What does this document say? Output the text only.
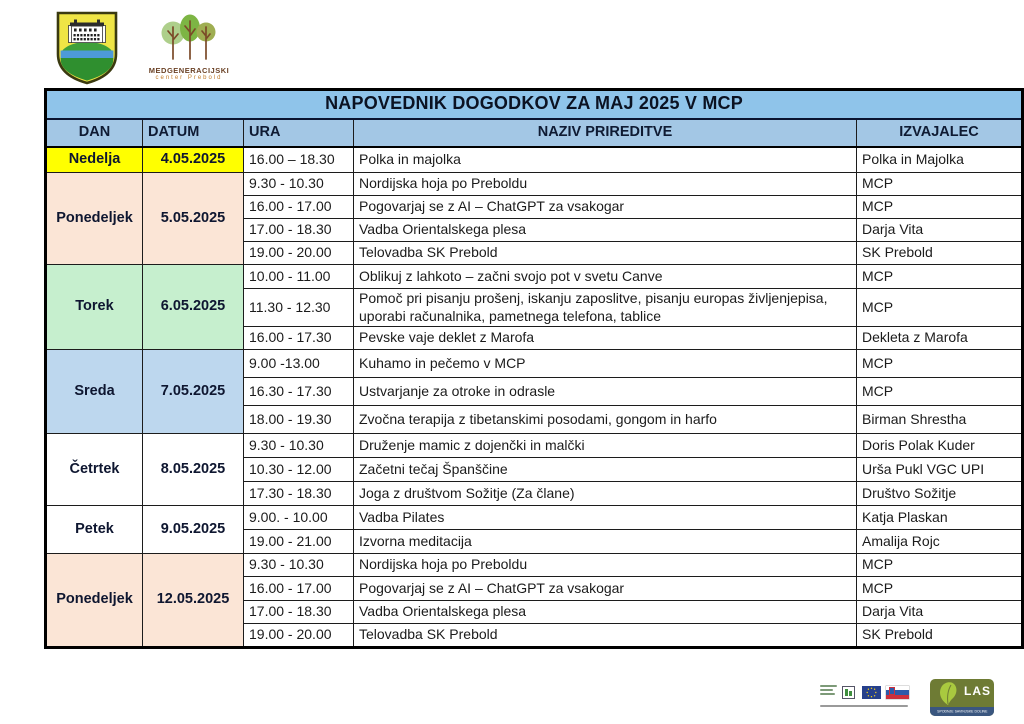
MEDGENERACIJSKI
center Prebold
NAPOVEDNIK DOGODKOV ZA MAJ 2025 V MCP				
DAN	DATUM	URA	NAZIV PRIREDITVE	IZVAJALEC
Nedelja	4.05.2025	16.00 – 18.30	Polka in majolka	Polka in Majolka
Ponedeljek	5.05.2025	9.30 - 10.30	Nordijska hoja po Preboldu	MCP
		16.00 - 17.00	Pogovarjaj se z AI – ChatGPT za vsakogar	MCP
		17.00 - 18.30	Vadba Orientalskega plesa	Darja Vita
		19.00 - 20.00	Telovadba SK Prebold	SK Prebold
Torek	6.05.2025	10.00 - 11.00	Oblikuj z lahkoto – začni svojo pot v svetu Canve	MCP
		11.30 - 12.30	Pomoč pri pisanju prošenj, iskanju zaposlitve, pisanju europas življenjepisa, uporabi računalnika, pametnega telefona, tablice	MCP
		16.00 - 17.30	Pevske vaje deklet z Marofa	Dekleta z Marofa
Sreda	7.05.2025	9.00 -13.00	Kuhamo in pečemo v MCP	MCP
		16.30 - 17.30	Ustvarjanje za otroke in odrasle	MCP
		18.00 - 19.30	Zvočna terapija z tibetanskimi posodami, gongom in harfo	Birman Shrestha
Četrtek	8.05.2025	9.30 - 10.30	Druženje mamic z dojenčki in malčki	Doris Polak Kuder
		10.30 - 12.00	Začetni tečaj Španščine	Urša Pukl VGC UPI
		17.30 - 18.30	Joga z društvom Sožitje (Za člane)	Društvo Sožitje
Petek	9.05.2025	9.00. - 10.00	Vadba Pilates	Katja Plaskan
		19.00 - 21.00	Izvorna meditacija	Amalija Rojc
Ponedeljek	12.05.2025	9.30 - 10.30	Nordijska hoja po Preboldu	MCP
		16.00 - 17.00	Pogovarjaj se z AI – ChatGPT za vsakogar	MCP
		17.00 - 18.30	Vadba Orientalskega plesa	Darja Vita
		19.00 - 20.00	Telovadba SK Prebold	SK Prebold
LAS
SPODNJE SAVINJSKE DOLINE
